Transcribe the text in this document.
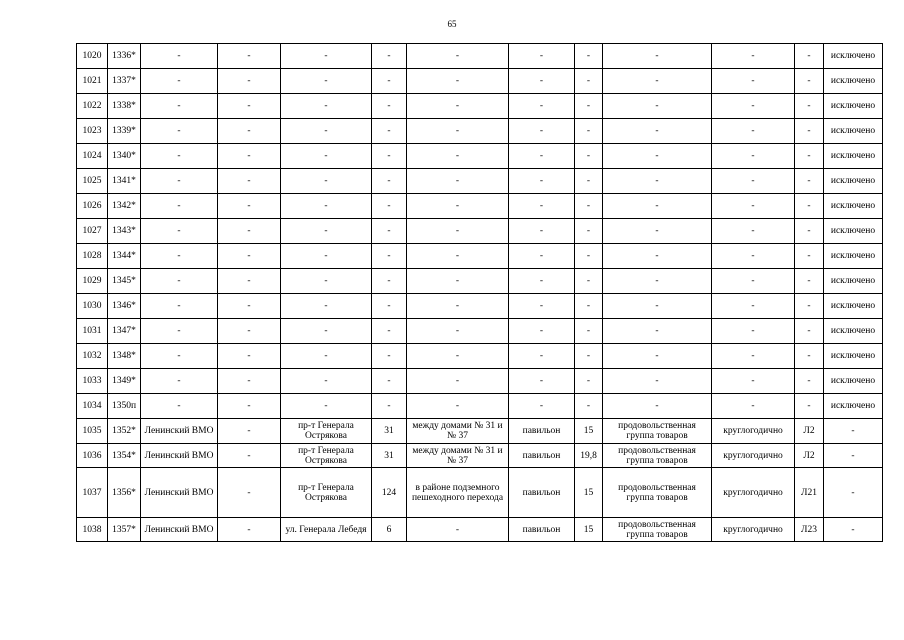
65
1020	1336*	-	-	-	-	-	-	-	-	-	-	исключено
1021	1337*	-	-	-	-	-	-	-	-	-	-	исключено
1022	1338*	-	-	-	-	-	-	-	-	-	-	исключено
1023	1339*	-	-	-	-	-	-	-	-	-	-	исключено
1024	1340*	-	-	-	-	-	-	-	-	-	-	исключено
1025	1341*	-	-	-	-	-	-	-	-	-	-	исключено
1026	1342*	-	-	-	-	-	-	-	-	-	-	исключено
1027	1343*	-	-	-	-	-	-	-	-	-	-	исключено
1028	1344*	-	-	-	-	-	-	-	-	-	-	исключено
1029	1345*	-	-	-	-	-	-	-	-	-	-	исключено
1030	1346*	-	-	-	-	-	-	-	-	-	-	исключено
1031	1347*	-	-	-	-	-	-	-	-	-	-	исключено
1032	1348*	-	-	-	-	-	-	-	-	-	-	исключено
1033	1349*	-	-	-	-	-	-	-	-	-	-	исключено
1034	1350п	-	-	-	-	-	-	-	-	-	-	исключено
1035	1352*	Ленинский ВМО	-	пр-т Генерала Острякова	31	между домами № 31 и № 37	павильон	15	продовольственная группа товаров	круглогодично	Л2	-
1036	1354*	Ленинский ВМО	-	пр-т Генерала Острякова	31	между домами № 31 и № 37	павильон	19,8	продовольственная группа товаров	круглогодично	Л2	-
1037	1356*	Ленинский ВМО	-	пр-т Генерала Острякова	124	в районе подземного пешеходного перехода	павильон	15	продовольственная группа товаров	круглогодично	Л21	-
1038	1357*	Ленинский ВМО	-	ул. Генерала Лебедя	6	-	павильон	15	продовольственная группа товаров	круглогодично	Л23	-
